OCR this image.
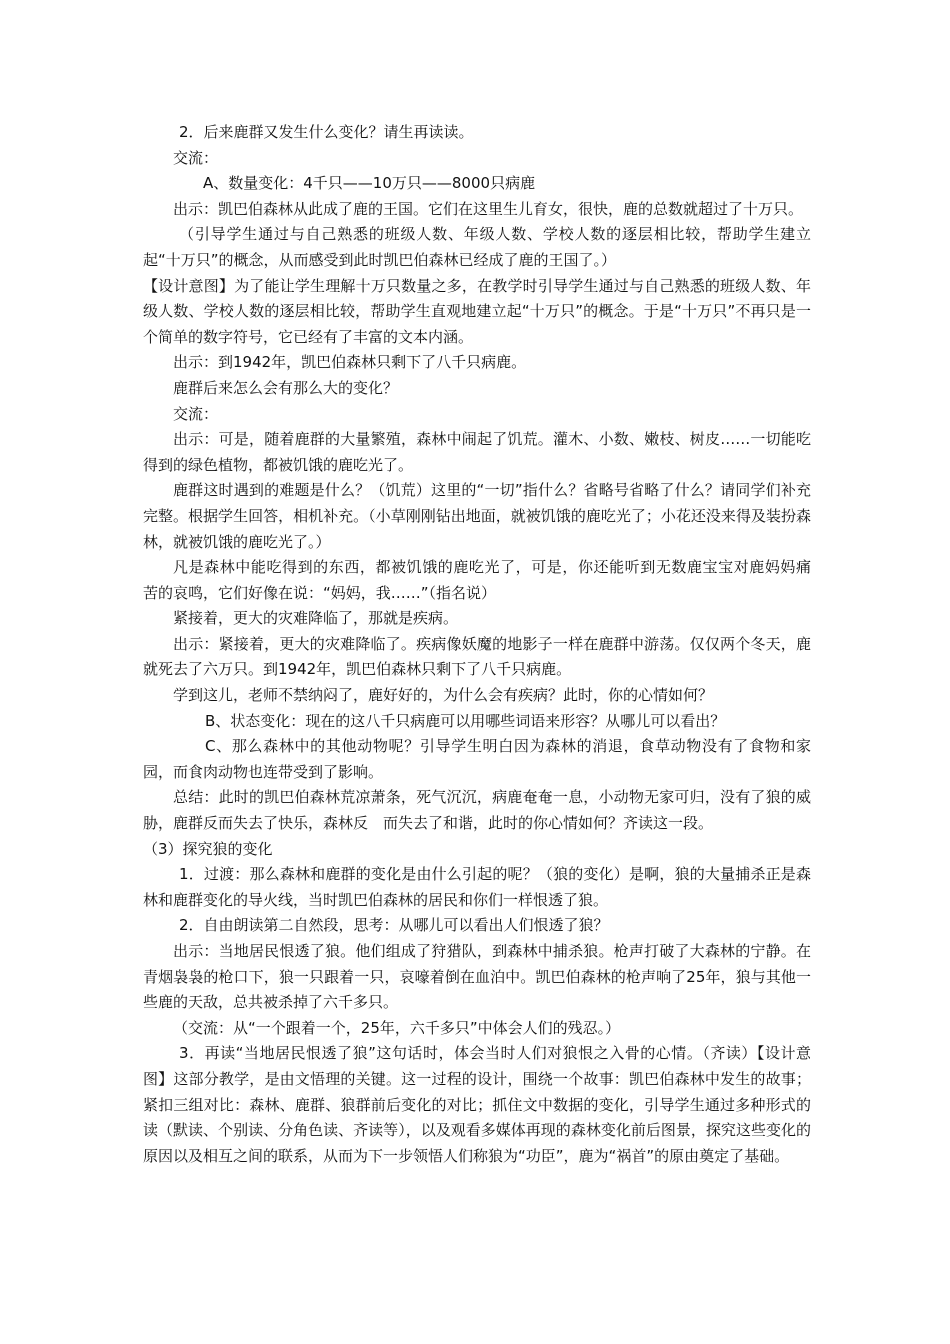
2．后来鹿群又发生什么变化？请生再读读。

交流：

A、数量变化：4千只——10万只——8000只病鹿

出示：凯巴伯森林从此成了鹿的王国。它们在这里生儿育女，很快，鹿的总数就超过了十万只。

（引导学生通过与自己熟悉的班级人数、年级人数、学校人数的逐层相比较，帮助学生建立起“十万只”的概念，从而感受到此时凯巴伯森林已经成了鹿的王国了。）

【设计意图】为了能让学生理解十万只数量之多，在教学时引导学生通过与自己熟悉的班级人数、年级人数、学校人数的逐层相比较，帮助学生直观地建立起“十万只”的概念。于是“十万只”不再只是一个简单的数字符号，它已经有了丰富的文本内涵。

出示：到1942年，凯巴伯森林只剩下了八千只病鹿。

鹿群后来怎么会有那么大的变化？

交流：

出示：可是，随着鹿群的大量繁殖，森林中闹起了饥荒。灌木、小数、嫩枝、树皮……一切能吃得到的绿色植物，都被饥饿的鹿吃光了。

鹿群这时遇到的难题是什么？（饥荒）这里的“一切”指什么？省略号省略了什么？请同学们补充完整。根据学生回答，相机补充。（小草刚刚钻出地面，就被饥饿的鹿吃光了；小花还没来得及装扮森林，就被饥饿的鹿吃光了。）

凡是森林中能吃得到的东西，都被饥饿的鹿吃光了，可是，你还能听到无数鹿宝宝对鹿妈妈痛　　苦的哀鸣，它们好像在说：“妈妈，我……”（指名说）

紧接着，更大的灾难降临了，那就是疾病。

出示：紧接着，更大的灾难降临了。疾病像妖魔的地影子一样在鹿群中游荡。仅仅两个冬天，鹿就死去了六万只。到1942年，凯巴伯森林只剩下了八千只病鹿。

学到这儿，老师不禁纳闷了，鹿好好的，为什么会有疾病？此时，你的心情如何？

B、状态变化：现在的这八千只病鹿可以用哪些词语来形容？从哪儿可以看出？

C、那么森林中的其他动物呢？引导学生明白因为森林的消退，食草动物没有了食物和家园，而食肉动物也连带受到了影响。

总结：此时的凯巴伯森林荒凉萧条，死气沉沉，病鹿奄奄一息，小动物无家可归，没有了狼的威胁，鹿群反而失去了快乐，森林反　而失去了和谐，此时的你心情如何？齐读这一段。

（3）探究狼的变化

1．过渡：那么森林和鹿群的变化是由什么引起的呢？（狼的变化）是啊，狼的大量捕杀正是森林和鹿群变化的导火线，当时凯巴伯森林的居民和你们一样恨透了狼。

2．自由朗读第二自然段，思考：从哪儿可以看出人们恨透了狼？

出示：当地居民恨透了狼。他们组成了狩猎队，到森林中捕杀狼。枪声打破了大森林的宁静。在青烟袅袅的枪口下，狼一只跟着一只，哀嚎着倒在血泊中。凯巴伯森林的枪声响了25年，狼与其他一些鹿的天敌，总共被杀掉了六千多只。

（交流：从“一个跟着一个，25年，六千多只”中体会人们的残忍。）

3．再读“当地居民恨透了狼”这句话时，体会当时人们对狼恨之入骨的心情。（齐读）【设计意图】这部分教学，是由文悟理的关键。这一过程的设计，围绕一个故事：凯巴伯森林中发生的故事；紧扣三组对比：森林、鹿群、狼群前后变化的对比；抓住文中数据的变化，引导学生通过多种形式的读（默读、个别读、分角色读、齐读等），以及观看多媒体再现的森林变化前后图景，探究这些变化的原因以及相互之间的联系，从而为下一步领悟人们称狼为“功臣”，鹿为“祸首”的原由奠定了基础。
